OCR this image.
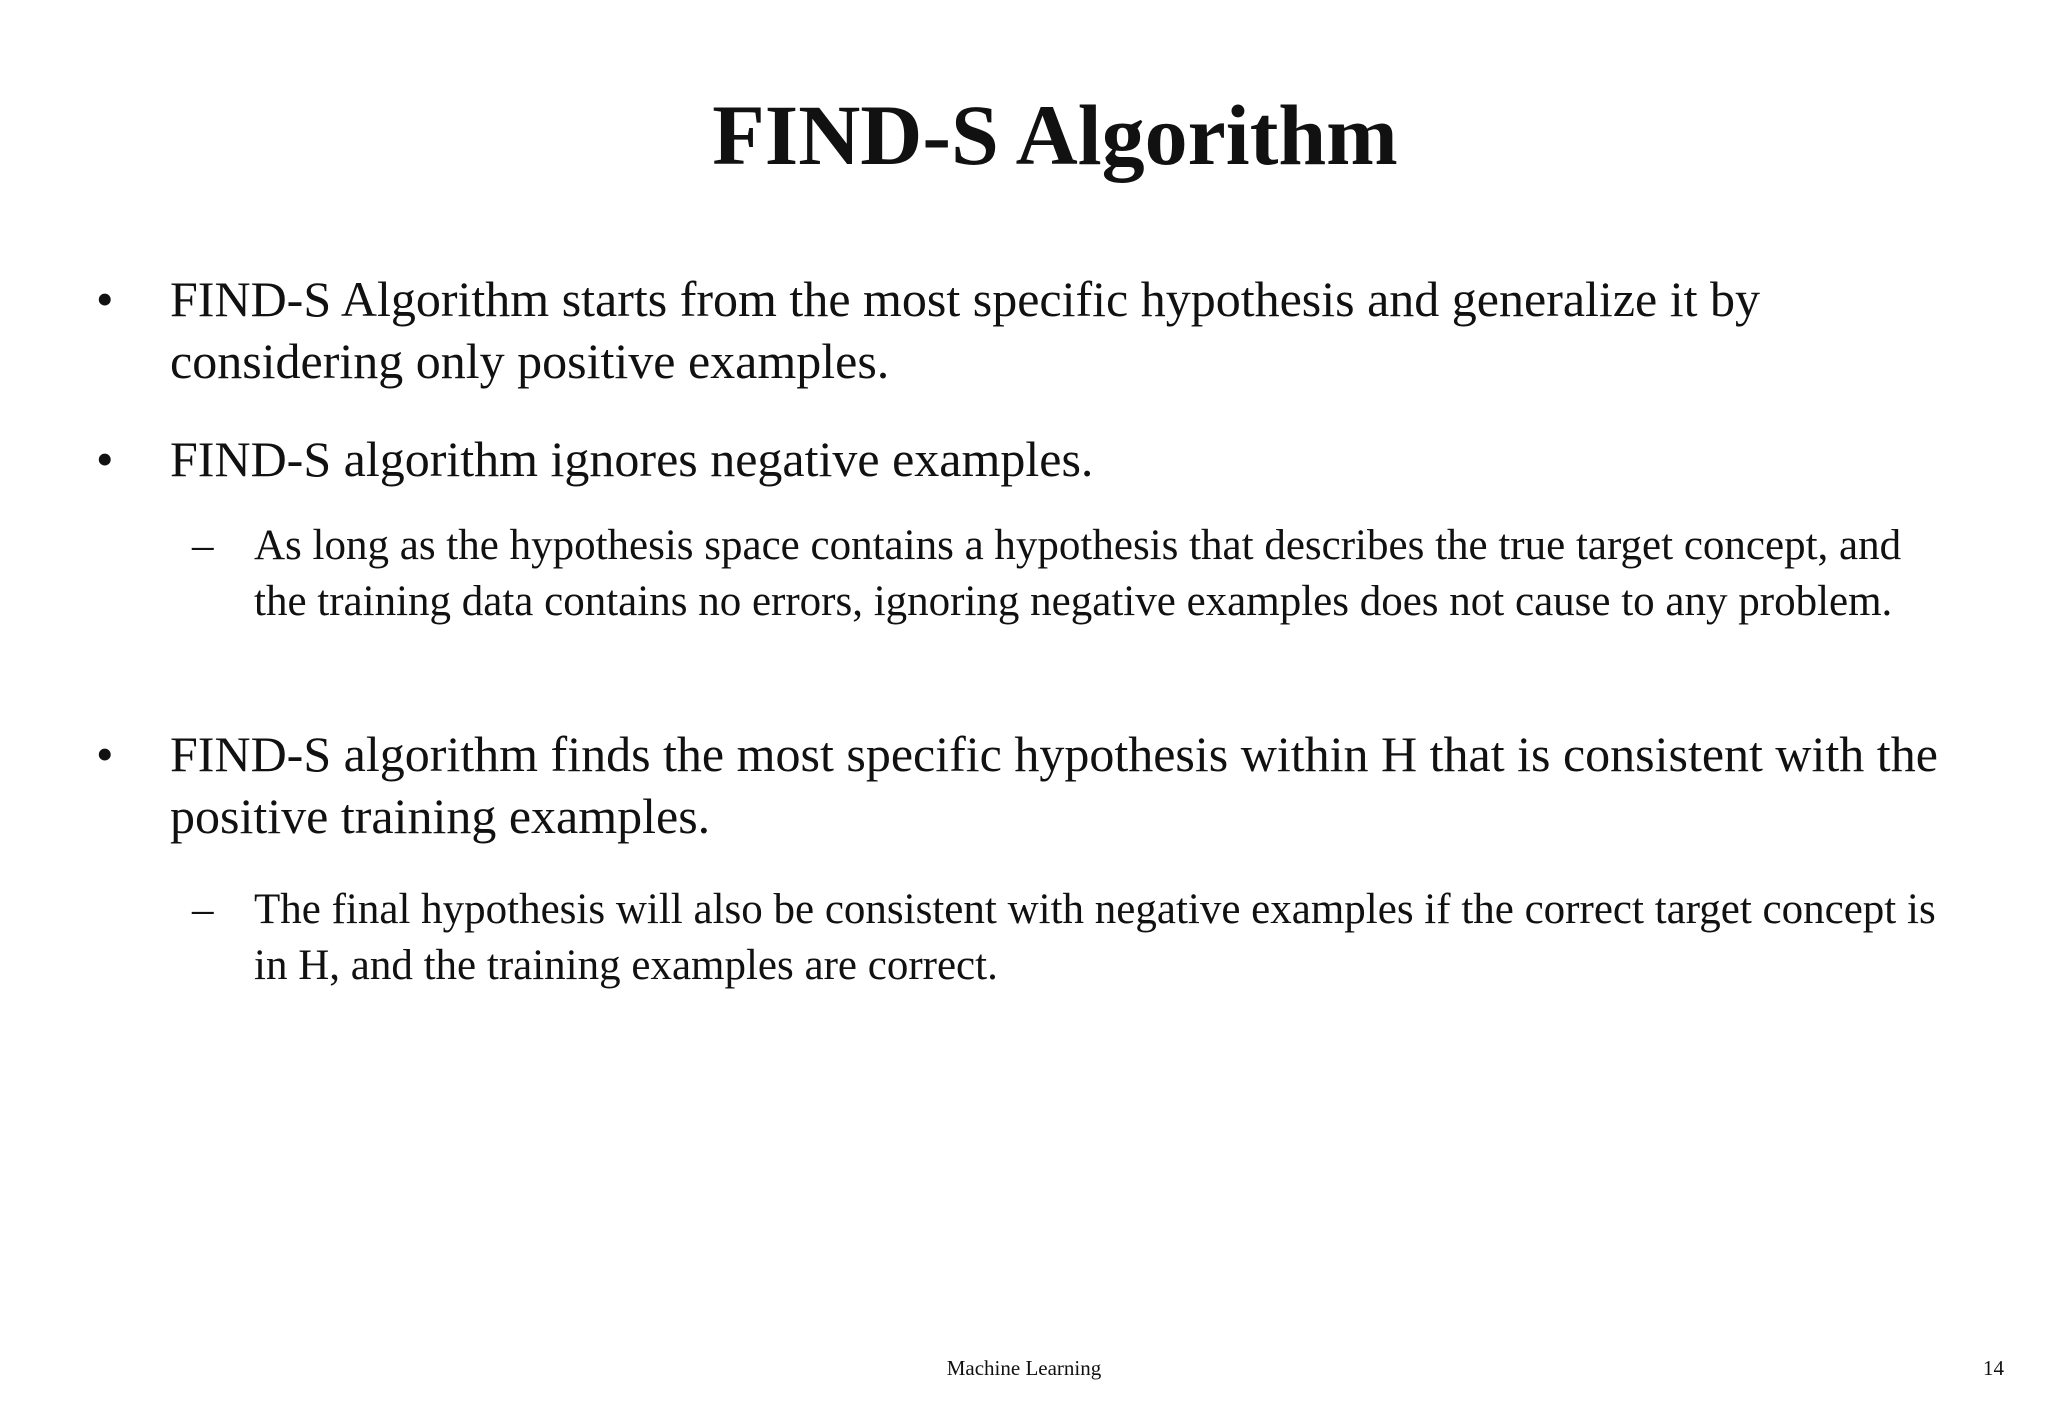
FIND-S Algorithm
• FIND-S Algorithm starts from the most specific hypothesis and generalize it by considering only positive examples.
• FIND-S algorithm ignores negative examples.
– As long as the hypothesis space contains a hypothesis that describes the true target concept, and the training data contains no errors, ignoring negative examples does not cause to any problem.
• FIND-S algorithm finds the most specific hypothesis within H that is consistent with the positive training examples.
– The final hypothesis will also be consistent with negative examples if the correct target concept is in H, and the training examples are correct.
Machine Learning	14
